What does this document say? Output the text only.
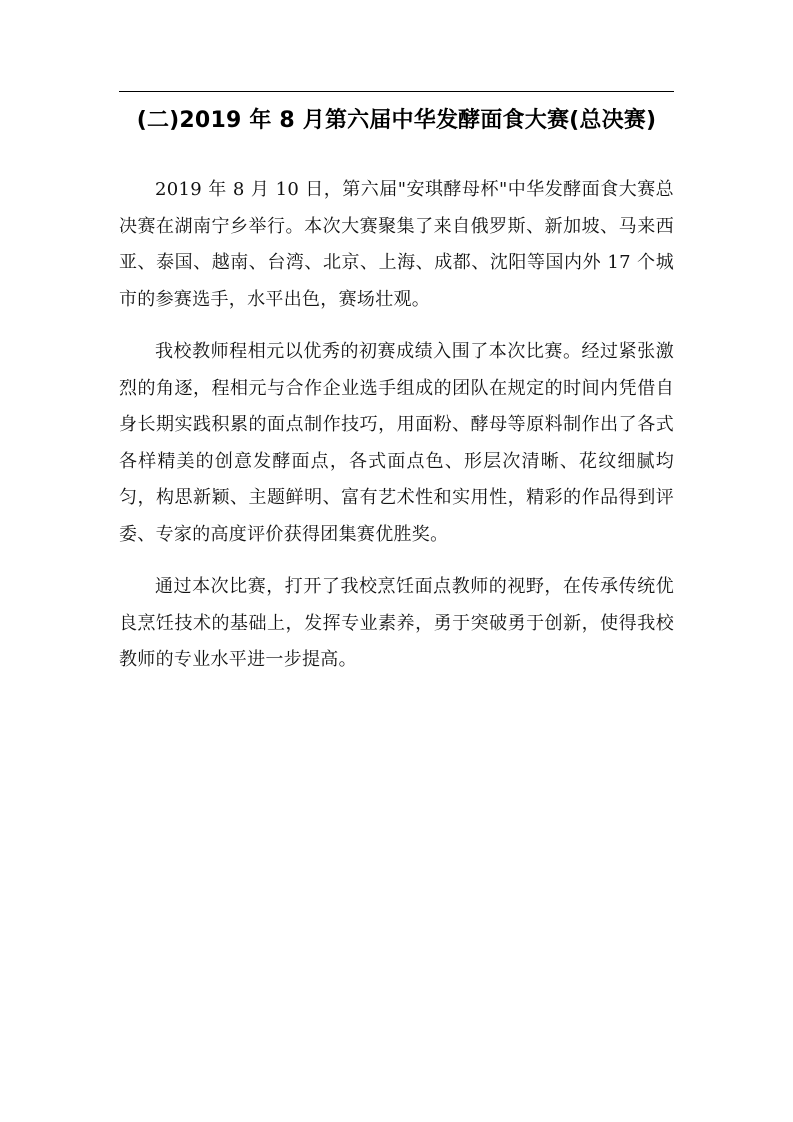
(二)2019 年 8 月第六届中华发酵面食大赛(总决赛)

2019 年 8 月 10 日，第六届"安琪酵母杯"中华发酵面食大赛总决赛在湖南宁乡举行。本次大赛聚集了来自俄罗斯、新加坡、马来西亚、泰国、越南、台湾、北京、上海、成都、沈阳等国内外 17 个城市的参赛选手，水平出色，赛场壮观。

我校教师程相元以优秀的初赛成绩入围了本次比赛。经过紧张激烈的角逐，程相元与合作企业选手组成的团队在规定的时间内凭借自身长期实践积累的面点制作技巧，用面粉、酵母等原料制作出了各式各样精美的创意发酵面点，各式面点色、形层次清晰、花纹细腻均匀，构思新颖、主题鲜明、富有艺术性和实用性，精彩的作品得到评委、专家的高度评价获得团集赛优胜奖。

通过本次比赛，打开了我校烹饪面点教师的视野，在传承传统优良烹饪技术的基础上，发挥专业素养，勇于突破勇于创新，使得我校教师的专业水平进一步提高。
